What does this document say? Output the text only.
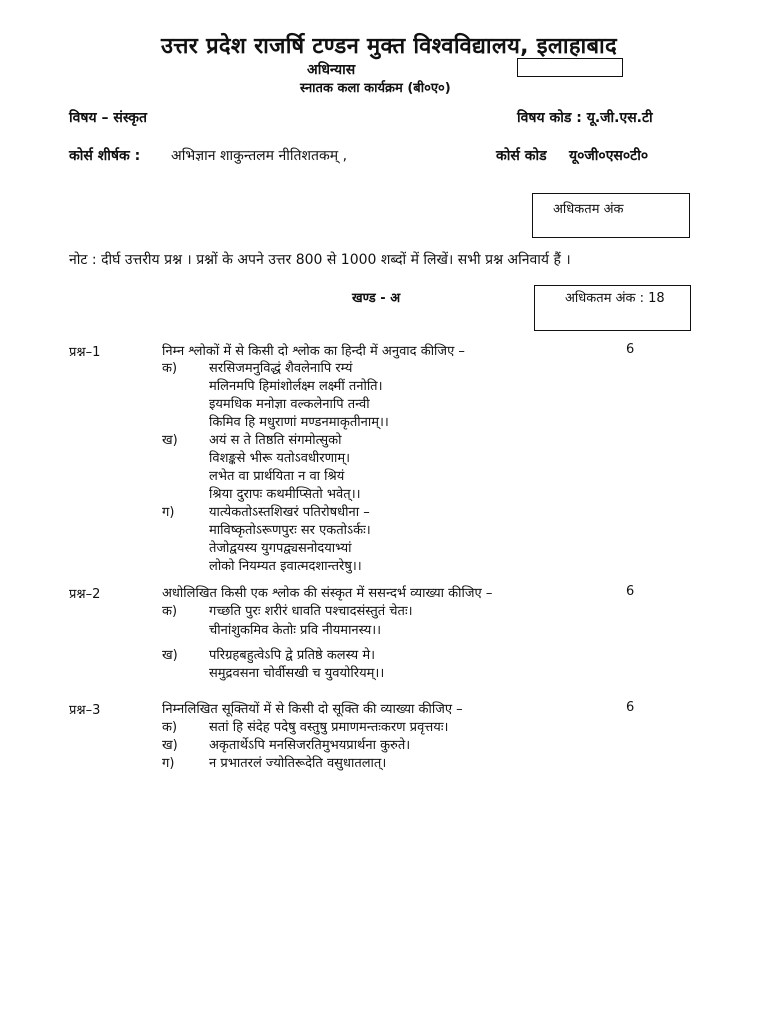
उत्तर प्रदेश राजर्षि टण्डन मुक्त विश्वविद्यालय, इलाहाबाद
अधिन्यास
स्नातक कला कार्यक्रम (बी०ए०)
विषय – संस्कृत	विषय कोड : यू.जी.एस.टी
कोर्स शीर्षक : अभिज्ञान शाकुन्तलम नीतिशतकम् ,	कोर्स कोड यू०जी०एस०टी०
अधिकतम अंक
नोट : दीर्घ उत्तरीय प्रश्न । प्रश्नों के अपने उत्तर 800 से 1000 शब्दों में लिखें। सभी प्रश्न अनिवार्य हैं ।
खण्ड - अ	अधिकतम अंक : 18
प्रश्न–1	निम्न श्लोकों में से किसी दो श्लोक का हिन्दी में अनुवाद कीजिए –	6
क) सरसिजमनुविद्धं शैवलेनापि रम्यं
मलिनमपि हिमांशोर्लक्ष्म लक्ष्मीं तनोति।
इयमधिक मनोज्ञा वल्कलेनापि तन्वी
किमिव हि मधुराणां मण्डनमाकृतीनाम्।।
ख) अयं स ते तिष्ठति संगमोत्सुको
विशङ्कसे भीरू यतोऽवधीरणाम्।
लभेत वा प्रार्थयिता न वा श्रियं
श्रिया दुरापः कथमीप्सितो भवेत्।।
ग)	यात्येकतोऽस्तशिखरं पतिरोषधीना –
माविष्कृतोऽरूणपुरः सर एकतोऽर्कः।
तेजोद्वयस्य युगपद्व्यसनोदयाभ्यां
लोको नियम्यत इवात्मदशान्तरेषु।।
प्रश्न–2	अधोलिखित किसी एक श्लोक की संस्कृत में ससन्दर्भ व्याख्या कीजिए –	6
क) गच्छति पुरः शरीरं धावति पश्चादसंस्तुतं चेतः।
चीनांशुकमिव केतोः प्रवि नीयमानस्य।।
ख) परिग्रहबहुत्वेऽपि द्वे प्रतिष्ठे कलस्य मे।
समुद्रवसना चोर्वीसखी च युवयोरियम्।।
प्रश्न–3	निम्नलिखित सूक्तियों में से किसी दो सूक्ति की व्याख्या कीजिए –	6
क) सतां हि संदेह पदेषु वस्तुषु प्रमाणमन्तःकरण प्रवृत्तयः।
ख) अकृतार्थेऽपि मनसिजरतिमुभयप्रार्थना कुरुते।
ग)	न प्रभातरलं ज्योतिरूदेति वसुधातलात्।
